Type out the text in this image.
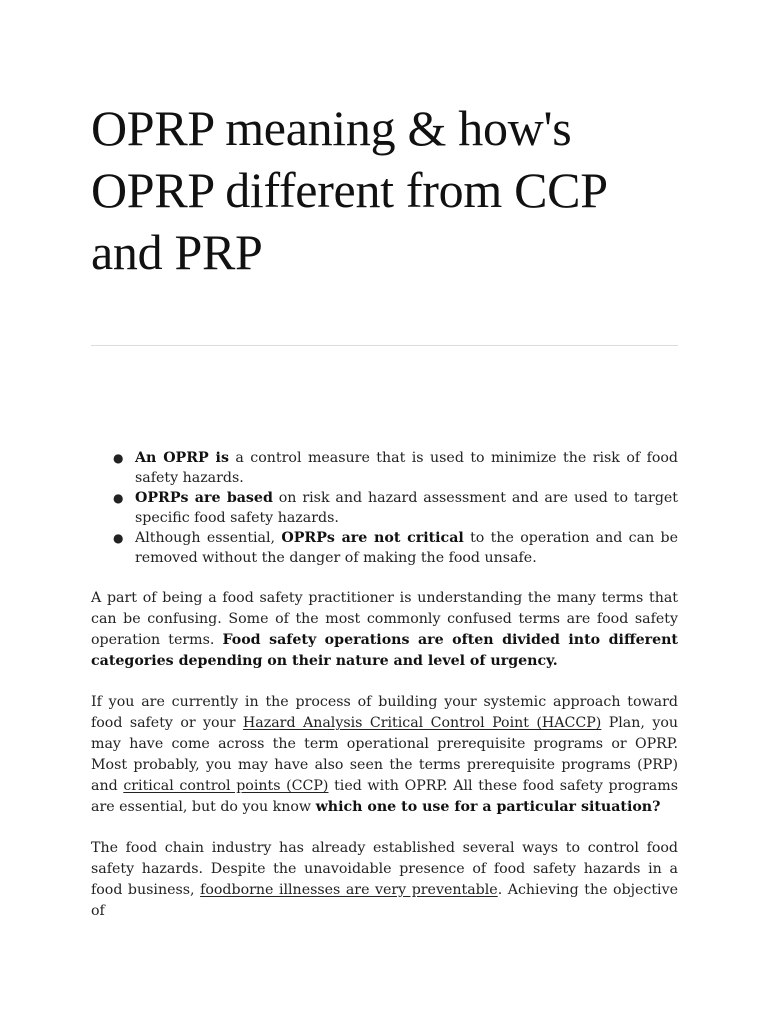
OPRP meaning & how's OPRP different from CCP and PRP
● An OPRP is a control measure that is used to minimize the risk of food safety hazards.
● OPRPs are based on risk and hazard assessment and are used to target specific food safety hazards.
● Although essential, OPRPs are not critical to the operation and can be removed without the danger of making the food unsafe.

A part of being a food safety practitioner is understanding the many terms that can be confusing. Some of the most commonly confused terms are food safety operation terms. Food safety operations are often divided into different categories depending on their nature and level of urgency.

If you are currently in the process of building your systemic approach toward food safety or your Hazard Analysis Critical Control Point (HACCP) Plan, you may have come across the term operational prerequisite programs or OPRP. Most probably, you may have also seen the terms prerequisite programs (PRP) and critical control points (CCP) tied with OPRP. All these food safety programs are essential, but do you know which one to use for a particular situation?

The food chain industry has already established several ways to control food safety hazards. Despite the unavoidable presence of food safety hazards in a food business, foodborne illnesses are very preventable. Achieving the objective of
